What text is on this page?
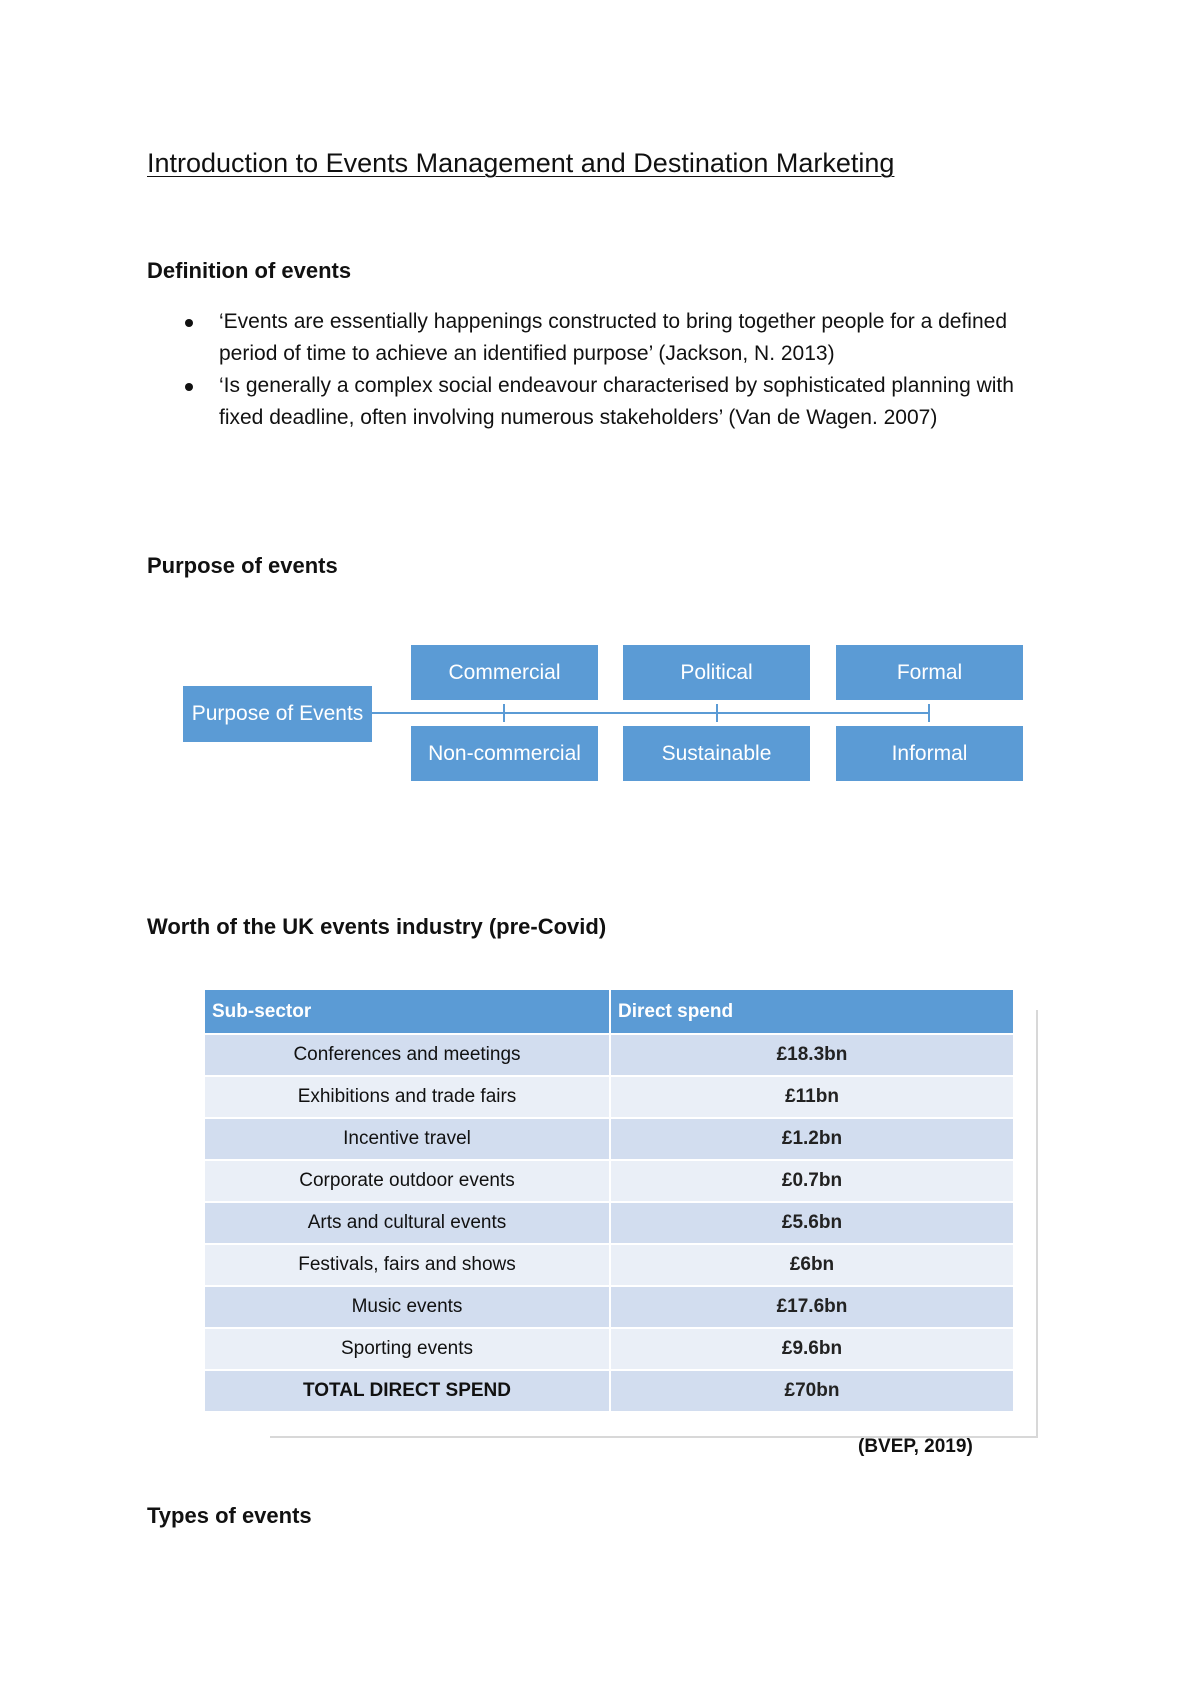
Introduction to Events Management and Destination Marketing
Definition of events
‘Events are essentially happenings constructed to bring together people for a defined
period of time to achieve an identified purpose’ (Jackson, N. 2013)
‘Is generally a complex social endeavour characterised by sophisticated planning with
fixed deadline, often involving numerous stakeholders’ (Van de Wagen. 2007)
Purpose of events
Purpose of Events
Commercial	Political	Formal
Non-commercial	Sustainable	Informal
Worth of the UK events industry (pre-Covid)
Sub-sector	Direct spend
Conferences and meetings	£18.3bn
Exhibitions and trade fairs	£11bn
Incentive travel	£1.2bn
Corporate outdoor events	£0.7bn
Arts and cultural events	£5.6bn
Festivals, fairs and shows	£6bn
Music events	£17.6bn
Sporting events	£9.6bn
TOTAL DIRECT SPEND	£70bn
(BVEP, 2019)
Types of events
